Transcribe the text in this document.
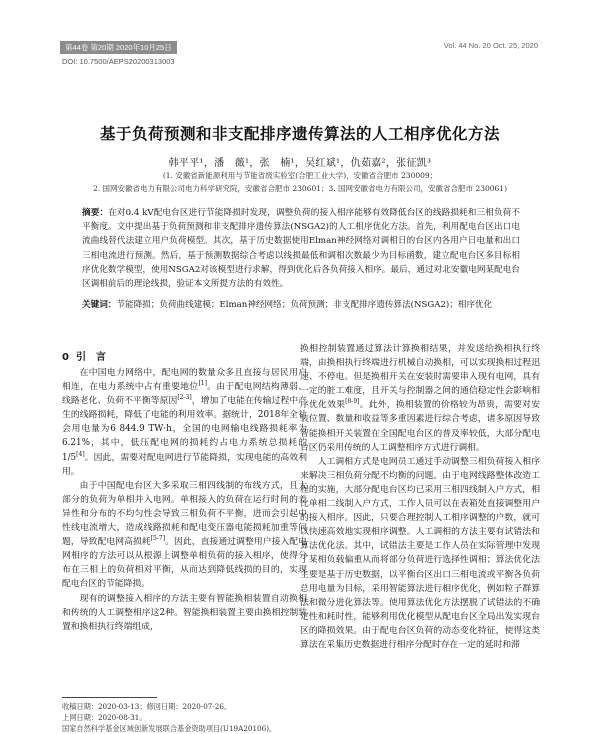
第44卷 第20期 2020年10月25日	Vol. 44 No. 20 Oct. 25, 2020
DOI: 10.7500/AEPS20200313003
基于负荷预测和非支配排序遗传算法的人工相序优化方法
韩平平¹，潘　薇¹，张　楠¹，吴红斌¹，仇茹嘉²，张征凯³
(1. 安徽省新能源利用与节能省级实验室(合肥工业大学)，安徽省合肥市 230009；
2. 国网安徽省电力有限公司电力科学研究院，安徽省合肥市 230601；3. 国网安徽省电力有限公司，安徽省合肥市 230061)

摘要：在对0.4 kV配电台区进行节能降损时发现，调整负荷的接入相序能够有效降低台区的线路损耗和三相负荷不平衡度。文中提出基于负荷预测和非支配排序遗传算法(NSGA2)的人工相序优化方法。首先，利用配电台区出口电流曲线替代法建立用户负荷模型。其次，基于历史数据使用Elman神经网络对调相日的台区内各用户日电量和出口三相电流进行预测。然后，基于预测数据综合考虑以线损最低和调相次数最少为目标函数，建立配电台区多目标相序优化数学模型，使用NSGA2对该模型进行求解，得到优化后各负荷接入相序。最后，通过对北安徽电网某配电台区调相前后的理论线损，验证本文所提方法的有效性。

关键词：节能降损；负荷曲线建模；Elman神经网络；负荷预测；非支配排序遗传算法(NSGA2)；相序优化

0 引　言

在中国电力网络中，配电网的数量众多且直接与居民用户相连，在电力系统中占有重要地位[1]。由于配电网结构薄弱、线路老化、负荷不平衡等原因[2-3]，增加了电能在传输过程中产生的线路损耗，降低了电能的利用效率。据统计，2018年全社会用电量为6 844.9 TW·h，全国的电网输电线路损耗率为6.21%，其中，低压配电网的损耗约占电力系统总损耗的1/5[4]。因此，需要对配电网进行节能降损，实现电能的高效利用。

由于中国配电台区大多采取三相四线制的布线方式，且大部分的负荷为单相并入电网。单相接入的负荷在运行时间的差异性和分布的不均匀性会导致三相负荷不平衡，进而会引起中性线电流增大，造成线路损耗和配电变压器电能损耗加重等问题，导致配电网高损耗[5-7]。因此，直接通过调整用户接入配电网相序的方法可以从根源上调整单相负荷的接入相序，使得分布在三相上的负荷相对平衡，从而达到降低线损的目的，实现配电台区的节能降损。

现有的调整接入相序的方法主要有智能换相装置自动换相和传统的人工调整相序这2种。智能换相装置主要由换相控制装置和换相执行终端组成，

换相控制装置通过算法计算换相结果，并发送给换相执行终端，由换相执行终端进行机械自动换相，可以实现换相过程迅速、不停电。但是换相开关在安装时需要串入现有电网，具有一定的脏工难度，且开关与控制器之间的通信稳定性会影响相序优化效果[8-9]。此外，换相装置的价格较为昂贵，需要对安装位置、数量和收益等多重因素进行综合考虑，诸多原因导致智能换相开关装置在全国配电台区的普及率较低，大部分配电台区仍采用传统的人工调整相序方式进行调相。

人工调相方式是电网员工通过手动调整三相负荷接入相序来解决三相负荷分配不均衡的问题。由于电网线路整体改造工程的实施，大部分配电台区均已采用三相四线制入户方式，相比单相二线制入户方式，工作人员可以在表箱处直接调整用户的接入相序。因此，只要合理控制人工相序调整的户数，就可以快速高效地实现相序调整。人工调相的方法主要有试错法和算法优化法。其中，试错法主要是工作人员在实际管理中发现了某相负载偏重从而将部分负荷进行选择性调相；算法优化法主要是基于历史数据，以平衡台区出口三相电流或平衡各负荷总用电量为目标，采用智能算法进行相序优化，例如粒子群算法和微分进化算法等。使用算法优化方法摆脱了试错法的不确定性和耗时性，能够利用优化模型从配电台区全局出发实现台区的降损效果。由于配电台区负荷的动态变化特征，使得这类算法在采集历史数据进行相序分配时存在一定的延时和滞

收稿日期：2020-03-13；修回日期：2020-07-26。
上网日期：2020-08-31。
国家自然科学基金区域创新发展联合基金资助项目(U19A20106)。
